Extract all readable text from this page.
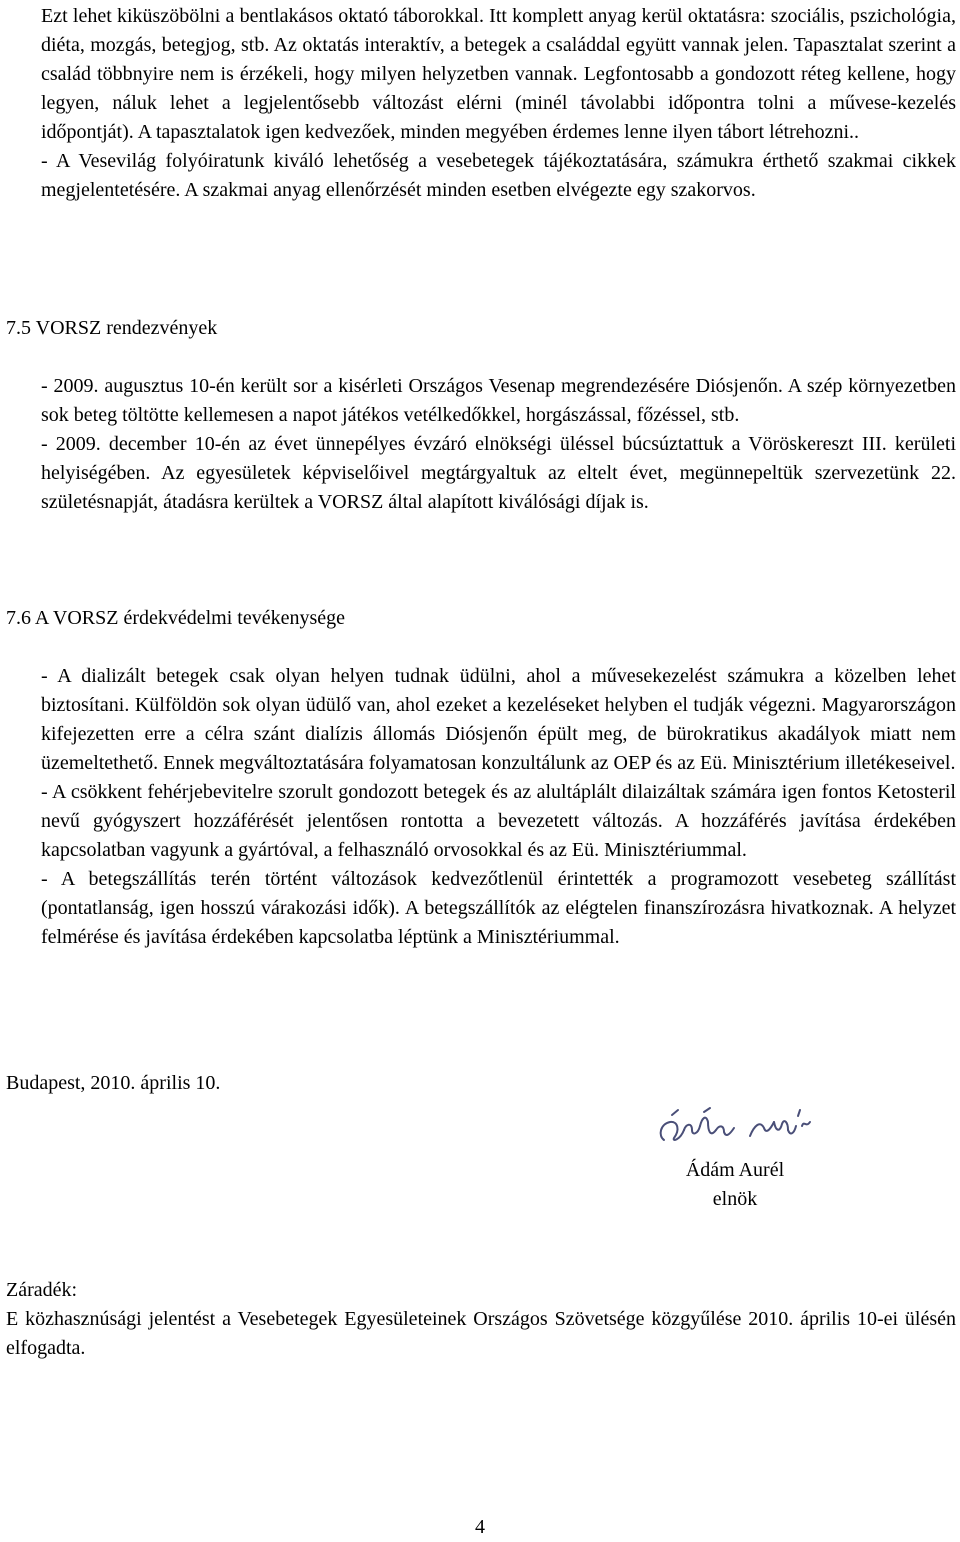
Ezt lehet kiküszöbölni a bentlakásos oktató táborokkal. Itt komplett anyag kerül oktatásra: szociális, pszichológia, diéta, mozgás, betegjog, stb. Az oktatás interaktív, a betegek a családdal együtt vannak jelen. Tapasztalat szerint a család többnyire nem is érzékeli, hogy milyen helyzetben vannak. Legfontosabb a gondozott réteg kellene, hogy legyen, náluk lehet a legjelentősebb változást elérni (minél távolabbi időpontra tolni a művese-kezelés időpontját). A tapasztalatok igen kedvezőek, minden megyében érdemes lenne ilyen tábort létrehozni..

- A Vesevilág folyóiratunk kiváló lehetőség a vesebetegek tájékoztatására, számukra érthető szakmai cikkek megjelentetésére. A szakmai anyag ellenőrzését minden esetben elvégezte egy szakorvos.

7.5 VORSZ rendezvények

- 2009. augusztus 10-én került sor a kisérleti Országos Vesenap megrendezésére Diósjenőn. A szép környezetben sok beteg töltötte kellemesen a napot játékos vetélkedőkkel, horgászással, főzéssel, stb.

- 2009. december 10-én az évet ünnepélyes évzáró elnökségi üléssel búcsúztattuk a Vöröskereszt III. kerületi helyiségében. Az egyesületek képviselőivel megtárgyaltuk az eltelt évet, megünnepeltük szervezetünk 22. születésnapját, átadásra kerültek a VORSZ által alapított kiválósági díjak is.

7.6 A VORSZ érdekvédelmi tevékenysége

- A dializált betegek csak olyan helyen tudnak üdülni, ahol a művesekezelést számukra a közelben lehet biztosítani. Külföldön sok olyan üdülő van, ahol ezeket a kezeléseket helyben el tudják végezni. Magyarországon kifejezetten erre a célra szánt dialízis állomás Diósjenőn épült meg, de bürokratikus akadályok miatt nem üzemeltethető. Ennek megváltoztatására folyamatosan konzultálunk az OEP és az Eü. Minisztérium illetékeseivel.

- A csökkent fehérjebevitelre szorult gondozott betegek és az alultáplált dilaizáltak számára igen fontos Ketosteril nevű gyógyszert hozzáférését jelentősen rontotta a bevezetett változás. A hozzáférés javítása érdekében kapcsolatban vagyunk a gyártóval, a felhasználó orvosokkal és az Eü. Minisztériummal.

- A betegszállítás terén történt változások kedvezőtlenül érintették a programozott vesebeteg szállítást (pontatlanság, igen hosszú várakozási idők). A betegszállítók az elégtelen finanszírozásra hivatkoznak. A helyzet felmérése és javítása érdekében kapcsolatba léptünk a Minisztériummal.

Budapest, 2010. április 10.

Ádám Aurél
elnök

Záradék:

E közhasznúsági jelentést a Vesebetegek Egyesületeinek Országos Szövetsége közgyűlése 2010. április 10-ei ülésén elfogadta.

4
